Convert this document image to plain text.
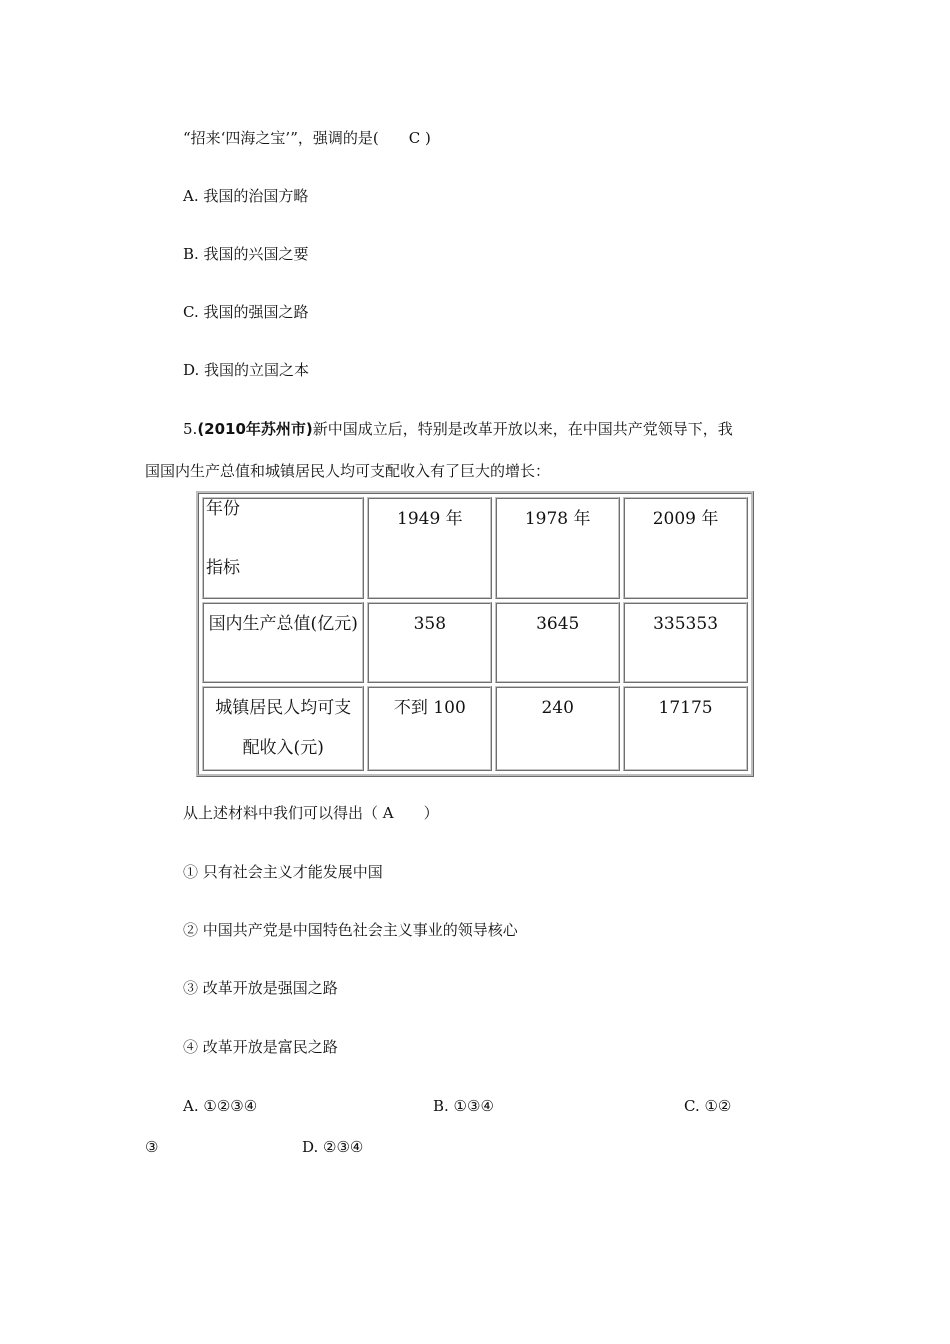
“招来‘四海之宝’”，强调的是(　　C )
A. 我国的治国方略
B. 我国的兴国之要
C. 我国的强国之路
D. 我国的立国之本
5.(2010年苏州市)新中国成立后，特别是改革开放以来，在中国共产党领导下，我
国国内生产总值和城镇居民人均可支配收入有了巨大的增长：
年份
指标	1949 年	1978 年	2009 年
国内生产总值(亿元)	358	3645	335353
城镇居民人均可支配收入(元)	不到 100	240	17175
从上述材料中我们可以得出（ A　　）
① 只有社会主义才能发展中国
② 中国共产党是中国特色社会主义事业的领导核心
③ 改革开放是强国之路
④ 改革开放是富民之路
A. ①②③④	B. ①③④	C. ①②
③	D. ②③④
